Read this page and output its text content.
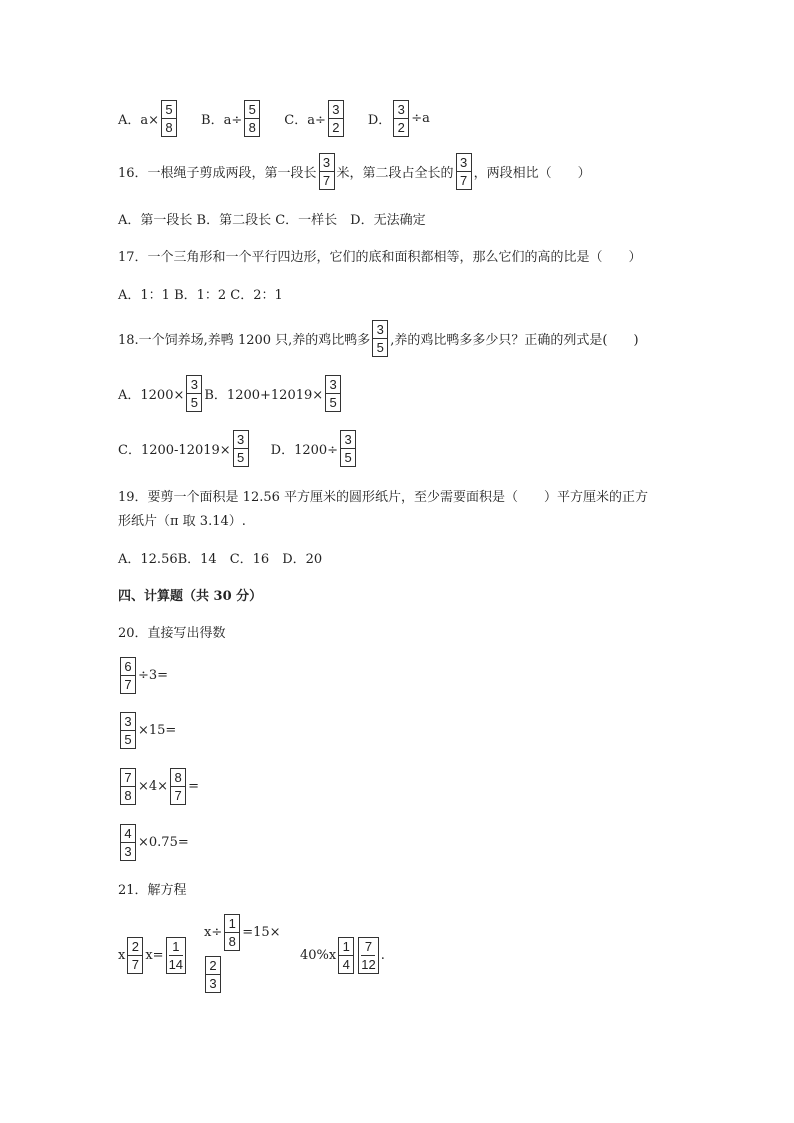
A．$a\times \frac{5}{8}$ B．$a\div \frac{5}{8}$ C．$a\div \frac{3}{2}$ D． $\frac{3}{2} \div a$
16．一根绳子剪成两段，第一段长 $\frac{3}{7}$ 米，第二段占全长的 $\frac{3}{7}$ ，两段相比（　　）
A．第一段长 B．第二段长 C．一样长　D．无法确定
17．一个三角形和一个平行四边形，它们的底和面积都相等，那么它们的高的比是（　　）
A．1：1 B．1：2 C．2：1
18.一个饲养场,养鸭 1200 只,养的鸡比鸭多 $\frac{3}{5}$ ,养的鸡比鸭多多少只？正确的列式是(　　)
A．$1200\times \frac{3}{5}$ B．$1200+12019\times \frac{3}{5}$
C．$1200-12019\times \frac{3}{5}$ D．$1200\div \frac{3}{5}$
19．要剪一个面积是 12.56 平方厘米的圆形纸片，至少需要面积是（　　）平方厘米的正方
形纸片（π 取 3.14）.
A．12.56B．14　C．16　D．20
四、计算题（共 30 分）
20．直接写出得数
$\frac{6}{7} \div 3=$
$\frac{3}{5} \times 15=$
$\frac{7}{8} \times 4\times \frac{8}{7}$ =
$\frac{4}{3} \times 0.75=$
21．解方程
x $\frac{2}{7} x= \frac{1}{14}$
$x\div \frac{1}{8} =15\times$
$\frac{2}{3}$
$40\%x \frac{1}{4} \frac{7}{12}$ .
